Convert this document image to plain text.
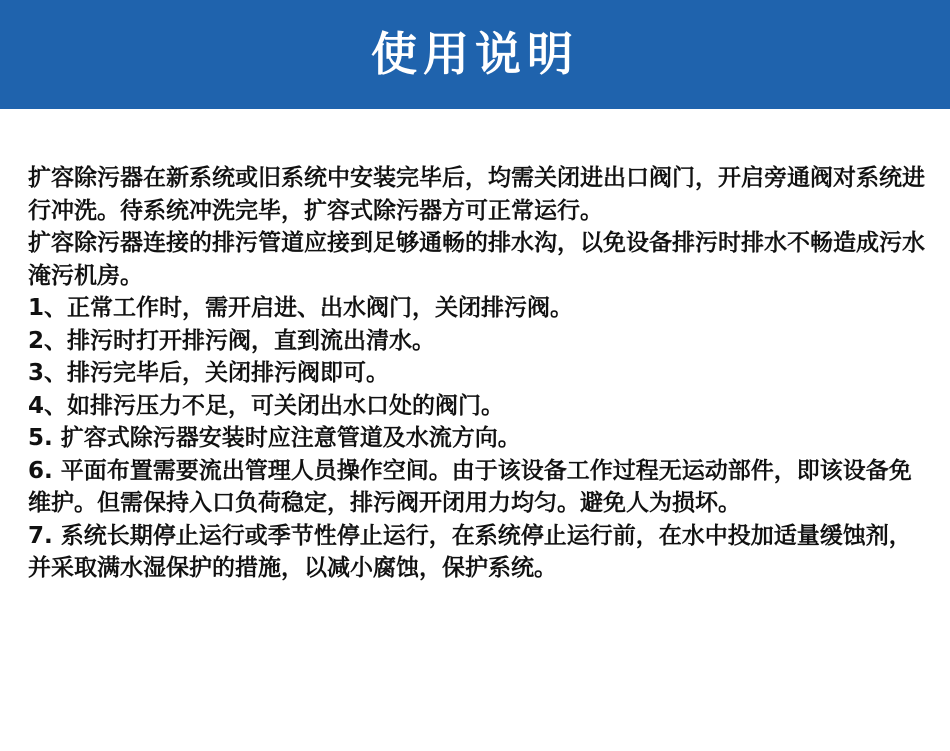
使用说明

扩容除污器在新系统或旧系统中安装完毕后，均需关闭进出口阀门，开启旁通阀对系统进行冲洗。待系统冲洗完毕，扩容式除污器方可正常运行。

扩容除污器连接的排污管道应接到足够通畅的排水沟，以免设备排污时排水不畅造成污水淹污机房。

1、正常工作时，需开启进、出水阀门，关闭排污阀。

2、排污时打开排污阀，直到流出清水。

3、排污完毕后，关闭排污阀即可。

4、如排污压力不足，可关闭出水口处的阀门。

5. 扩容式除污器安装时应注意管道及水流方向。

6. 平面布置需要流出管理人员操作空间。由于该设备工作过程无运动部件，即该设备免维护。但需保持入口负荷稳定，排污阀开闭用力均匀。避免人为损坏。

7. 系统长期停止运行或季节性停止运行，在系统停止运行前，在水中投加适量缓蚀剂，并采取满水湿保护的措施，以减小腐蚀，保护系统。
